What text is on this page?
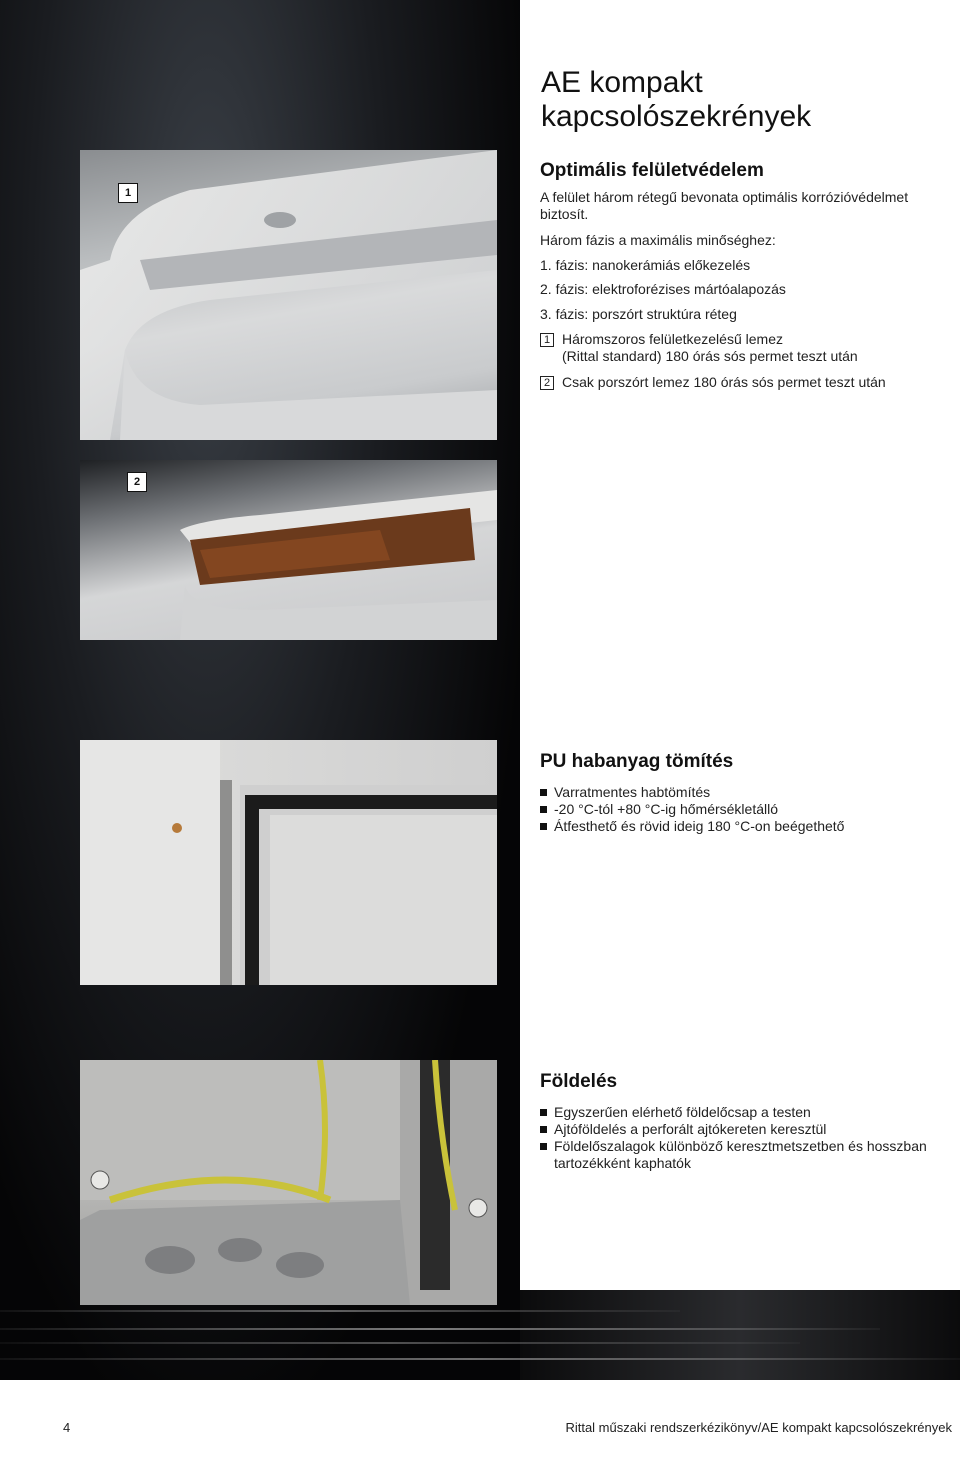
1
2
AE kompakt kapcsolószekrények
Optimális felületvédelem

A felület három rétegű bevonata optimális korrózióvédelmet biztosít.

Három fázis a maximális minőséghez:

1. fázis: nanokerámiás előkezelés

2. fázis: elektroforézises mártóalapozás

3. fázis: porszórt struktúra réteg

1 Háromszoros felületkezelésű lemez
(Rittal standard) 180 órás sós permet teszt után
2 Csak porszórt lemez 180 órás sós permet teszt után
PU habanyag tömítés
Varratmentes habtömítés
-20 °C-tól +80 °C-ig hőmérsékletálló
Átfesthető és rövid ideig 180 °C-on beégethető
Földelés
Egyszerűen elérhető földelőcsap a testen
Ajtóföldelés a perforált ajtókereten keresztül
Földelőszalagok különböző keresztmetszetben és hosszban tartozékként kaphatók
4	Rittal műszaki rendszerkézikönyv/AE kompakt kapcsolószekrények
